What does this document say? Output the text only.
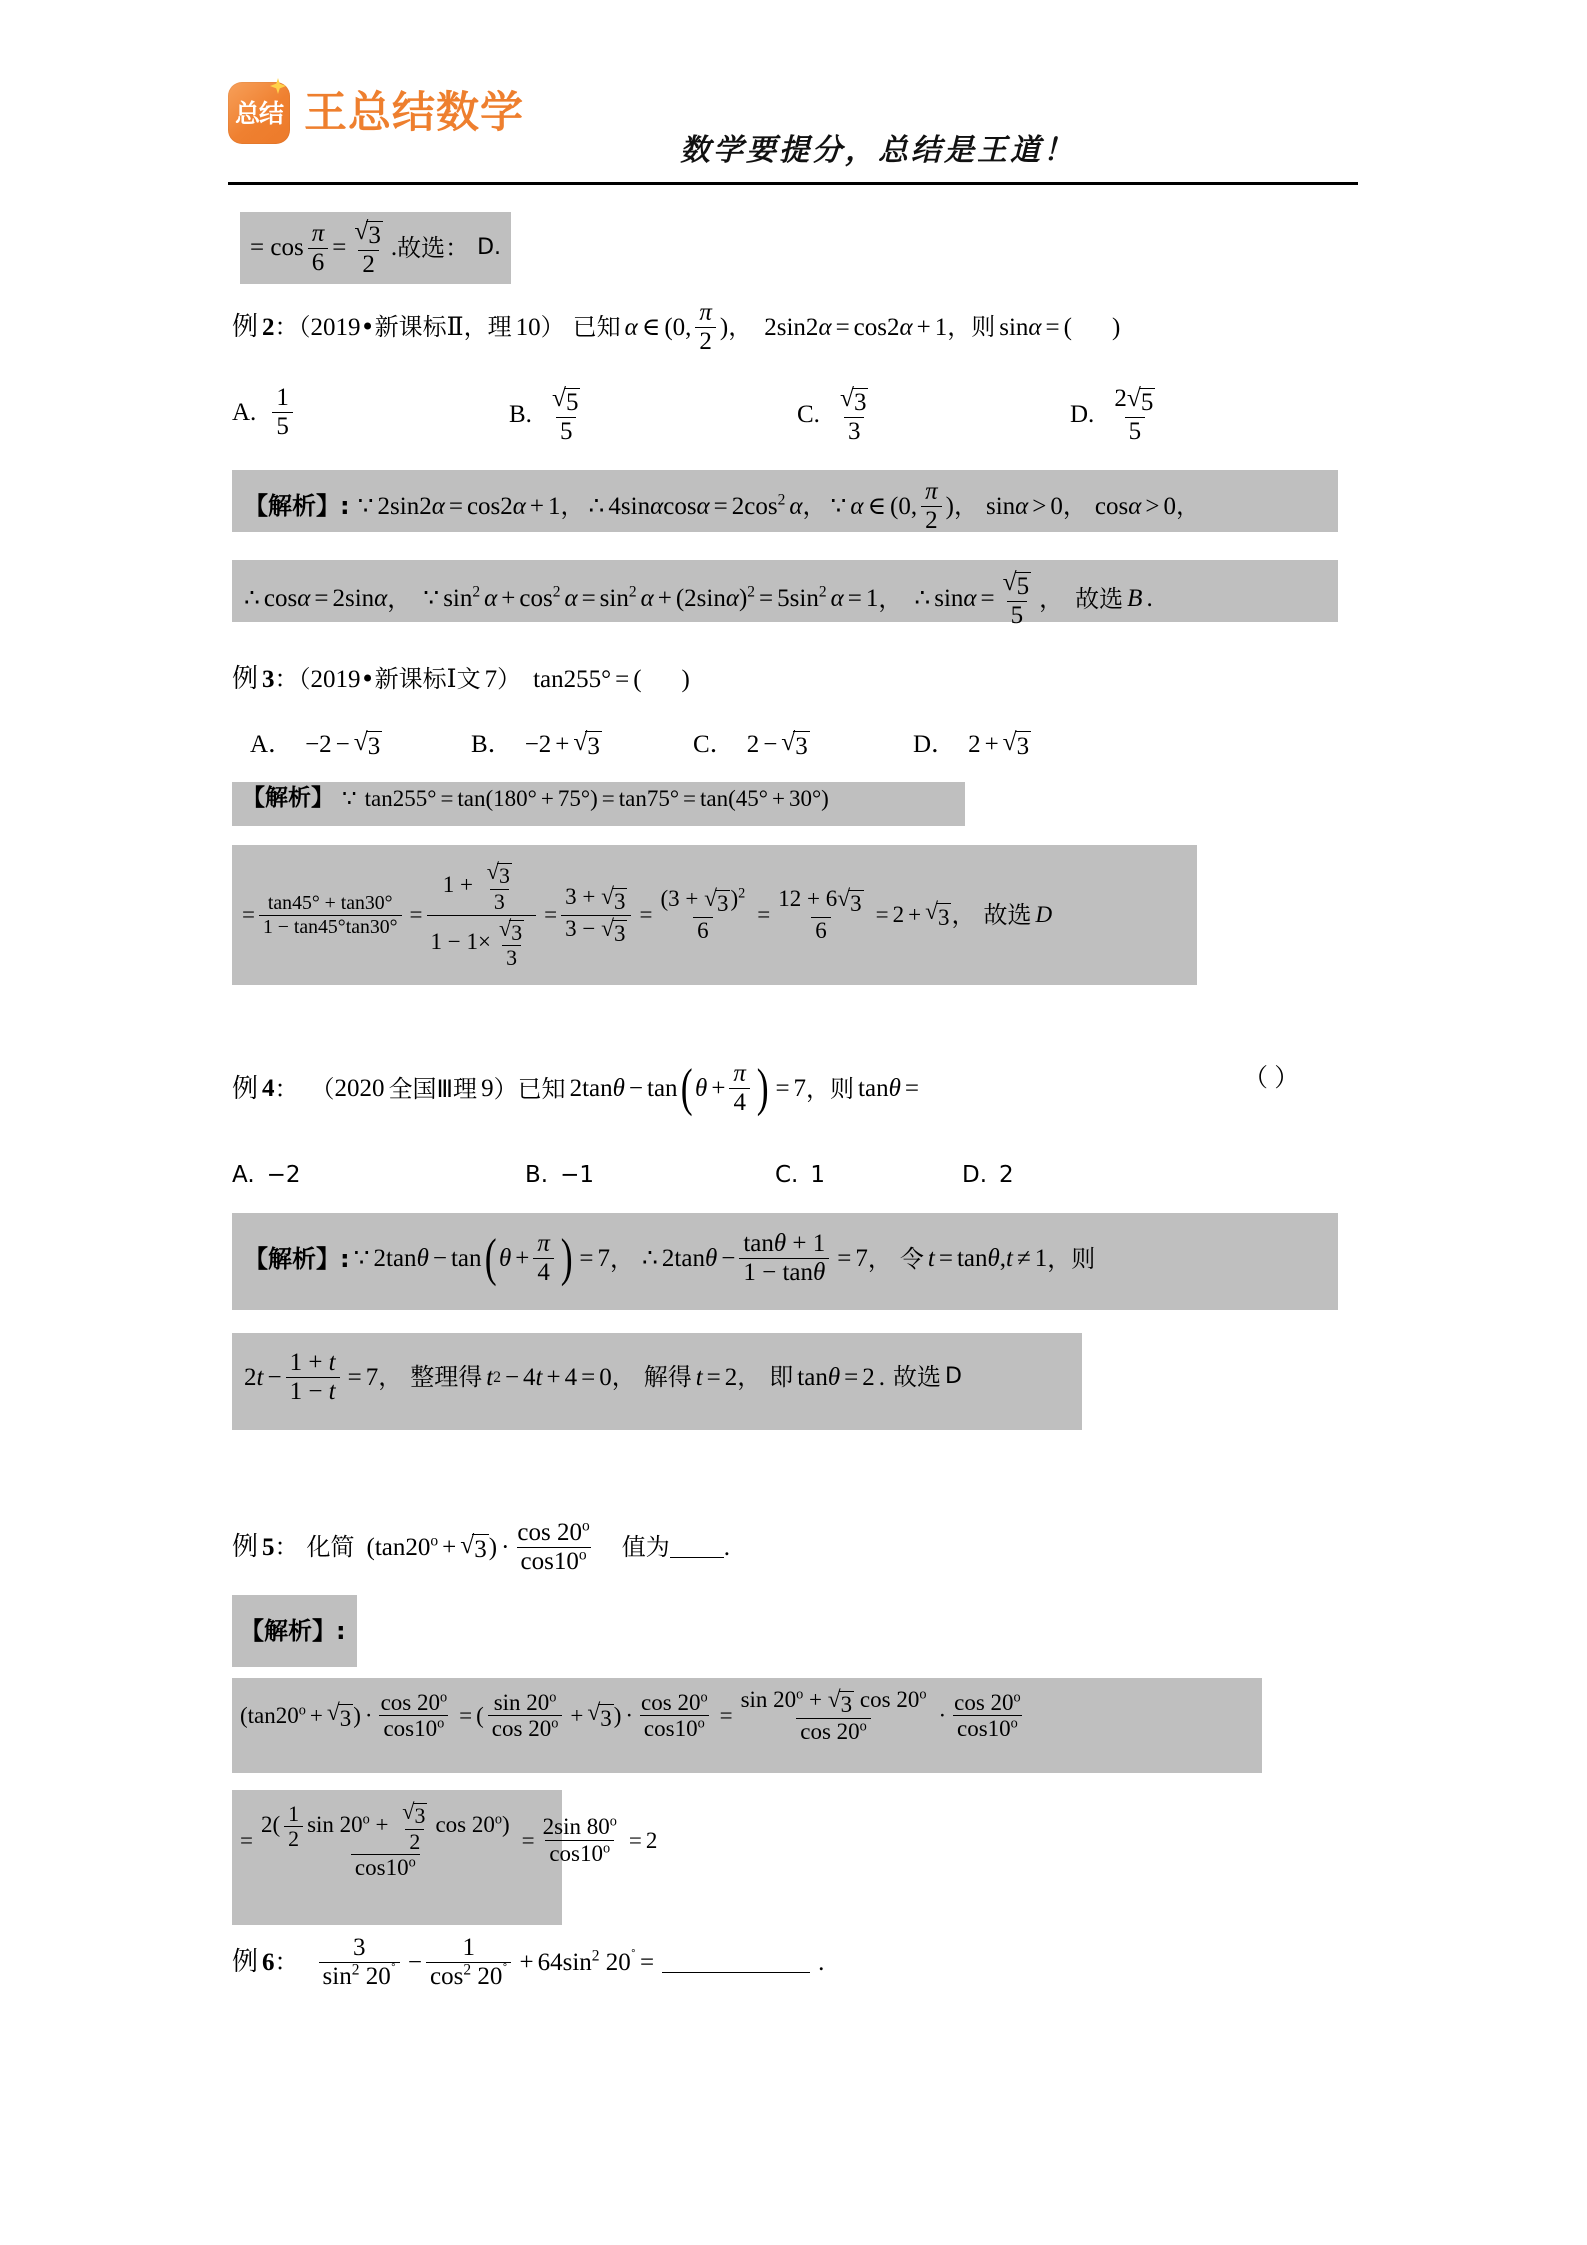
总结 王总结数学
数学要提分，总结是王道！
= $\cos \frac{\pi}{6} = \frac{√ 3}{2}$ . 故选： D.
例 2 ：（ 2019 •新课标 Ⅱ ，理 10 ） 已知 α ∈ (0, $\frac{\pi}{2}$ ) ， 2sin2 α = cos2 α + 1 ，则 sin α = ( )
A. $\frac{1}{5}$	B. $\frac{√ 5}{5}$	C. $\frac{√ 3}{3}$	D. $\frac{2 √ 5}{5}$
【解析】: ∵ 2sin2 α = cos2 α + 1 ， ∴ 4sin α $\cos \alpha = 2\cos^2$ α ， ∵ α ∈ (0, $\frac{\pi}{2}$ ) ， sin α > 0 ， cos α > 0 ，
∴ cos α = 2sin α ， ∵ $\sin^2 \alpha + \cos^2 \alpha = \sin^2 \alpha + (2\sin$ α )$^2 = 5\sin^2$ α = 1 ， ∴ $\sin \alpha = \frac{√ 5}{5}$ ， 故选 B .
例 3 ：（ 2019 •新课标 Ⅰ 文 7 ） tan255° = ( )
A． −2 − √ 3	B． −2 + √ 3	C． 2 − √ 3	D． 2 + √ 3
【解析】 ∵ tan255° = tan(180° + 75°) = tan75° = tan(45° + 30°)
= $\frac{\tan 45^\circ + \tan 30^\circ}{1 - \tan 45^\circ\tan 30^\circ} = \frac{1 + \frac{√ 3}{3}}{1 - 1\times \frac{√ 3}{3}} = \frac{3 + √ 3}{3 - √ 3} = \frac{(3 + √ 3 )^2}{6} = \frac{12 + 6 √ 3}{6} = 2$ + √ 3 ， 故选 D
例 4 ： （ 2020 全国Ⅲ理 9 ） 已知 2tan θ − tan ( $\theta + \frac{\pi}{4}$ ) = 7 ，则 tan θ =	（ ）
A. −2	B. −1	C. 1	D. 2
【解析】: ∵ 2tan θ − tan ( $\theta + \frac{\pi}{4}$ ) = 7 ， ∴ 2tan $\theta - \frac{\tan\theta + 1}{1 - \tan\theta} = 7$ ， 令 t = tan θ , t ≠ 1 ，则
2 $t - \frac{1 + t}{1 - t} = 7$ ， 整理得 t 2 − 4 t + 4 = 0 ， 解得 t = 2 ， 即 tan θ = 2 . 故选 D
例 5 ： 化简 ($\tan 20^o$ + √ 3 ) · $\frac{\cos 20^o}{\cos 10^o}$ 值为 .
【解析】:
($\tan 20^o$ + √ 3 ) · $\frac{\cos 20^o}{\cos 10^o}$ = ( $\frac{\sin 20^o}{\cos 20^o}$ + √ 3 ) · $\frac{\cos 20^o}{\cos 10^o} = \frac{\sin 20^o + √ 3 \cos 20^o}{\cos 20^o} \cdot \frac{\cos 20^o}{\cos 10^o}$
= $\frac{2( \frac{1}{2} \sin 20^o + \frac{√ 3}{2} \cos 20^o)}{\cos 10^o} = \frac{2\sin 80^o}{\cos 10^o} = 2$
例 6 ： $\frac{3}{\sin^2 20^˚} - \frac{1}{\cos^2 20^˚} + 64\sin^2$ 20˚ =	.
